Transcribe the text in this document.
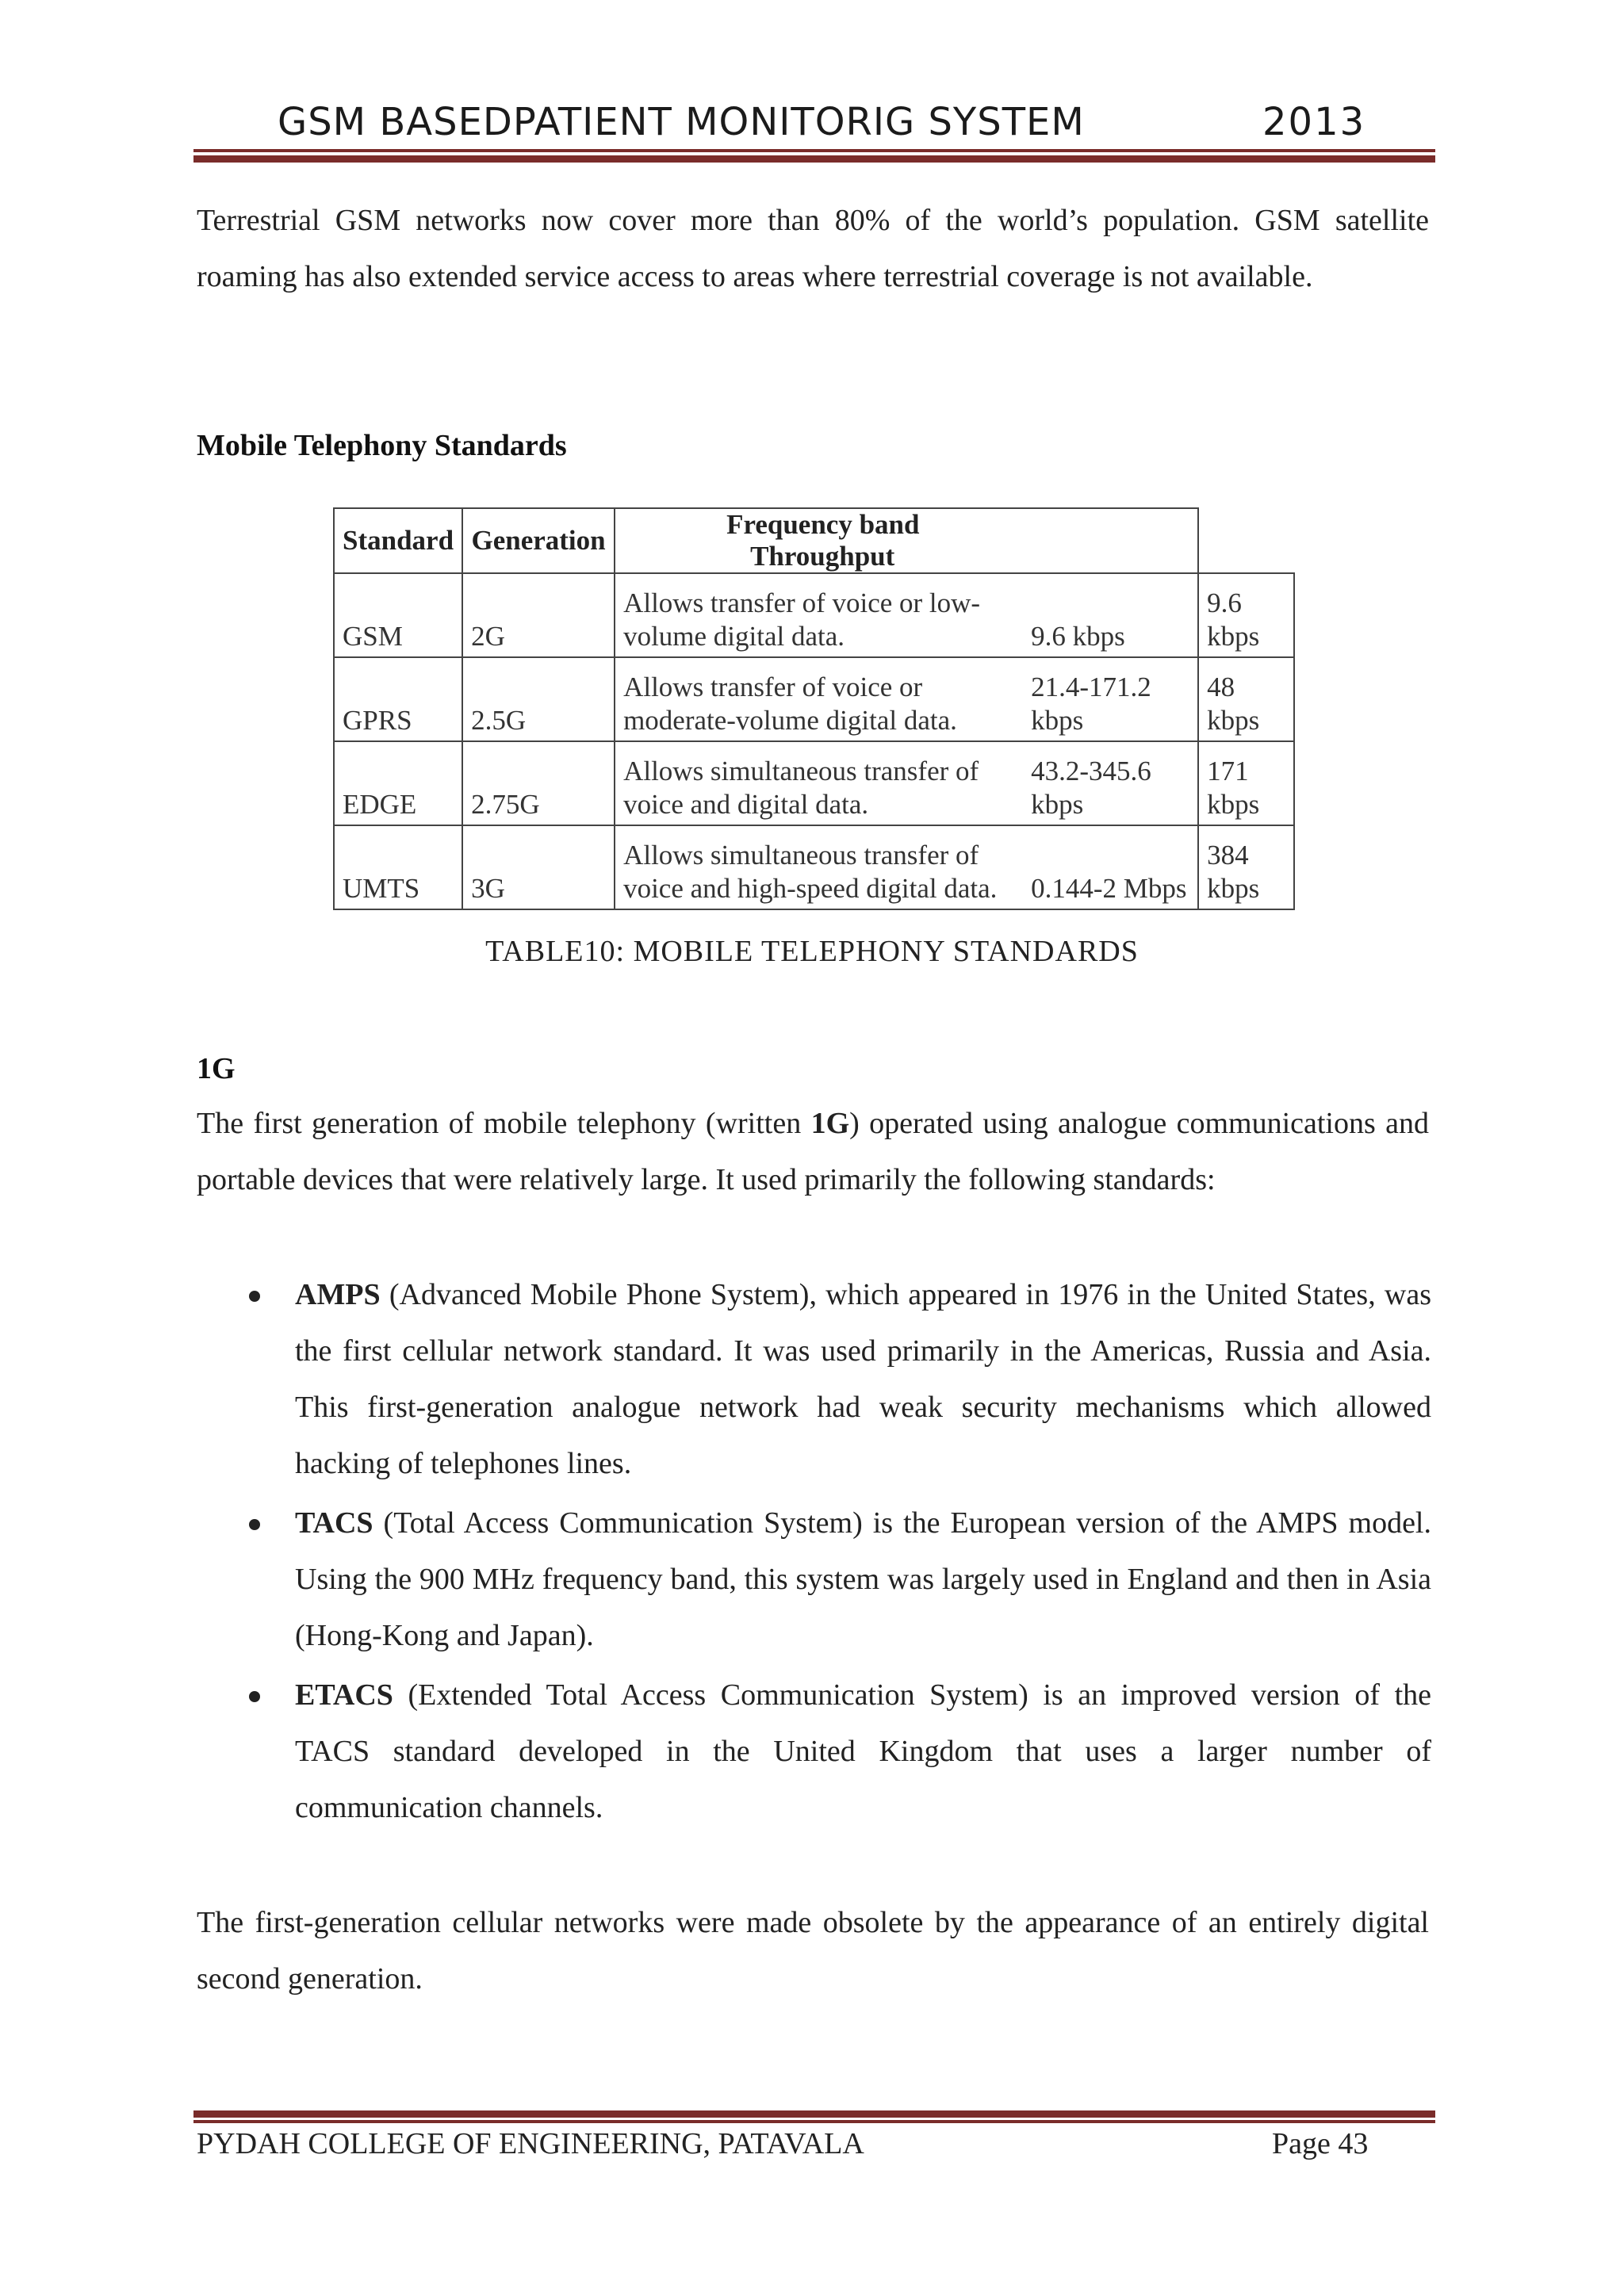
GSM BASEDPATIENT MONITORIG SYSTEM	2013
Terrestrial GSM networks now cover more than 80% of the world’s population. GSM satellite roaming has also extended service access to areas where terrestrial coverage is not available.
Mobile Telephony Standards
Standard	Generation	Frequency band Throughput		
GSM	2G	Allows transfer of voice or low-volume digital data.	9.6 kbps	9.6 kbps
GPRS	2.5G	Allows transfer of voice or moderate-volume digital data.	21.4-171.2 kbps	48 kbps
EDGE	2.75G	Allows simultaneous transfer of voice and digital data.	43.2-345.6 kbps	171 kbps
UMTS	3G	Allows simultaneous transfer of voice and high-speed digital data.	0.144-2 Mbps	384 kbps
TABLE10: MOBILE TELEPHONY STANDARDS
1G
The first generation of mobile telephony (written 1G) operated using analogue communications and portable devices that were relatively large. It used primarily the following standards:
AMPS (Advanced Mobile Phone System), which appeared in 1976 in the United States, was the first cellular network standard. It was used primarily in the Americas, Russia and Asia. This first-generation analogue network had weak security mechanisms which allowed hacking of telephones lines.
TACS (Total Access Communication System) is the European version of the AMPS model. Using the 900 MHz frequency band, this system was largely used in England and then in Asia (Hong-Kong and Japan).
ETACS (Extended Total Access Communication System) is an improved version of the TACS standard developed in the United Kingdom that uses a larger number of communication channels.
The first-generation cellular networks were made obsolete by the appearance of an entirely digital second generation.
PYDAH COLLEGE OF ENGINEERING, PATAVALA	Page 43
